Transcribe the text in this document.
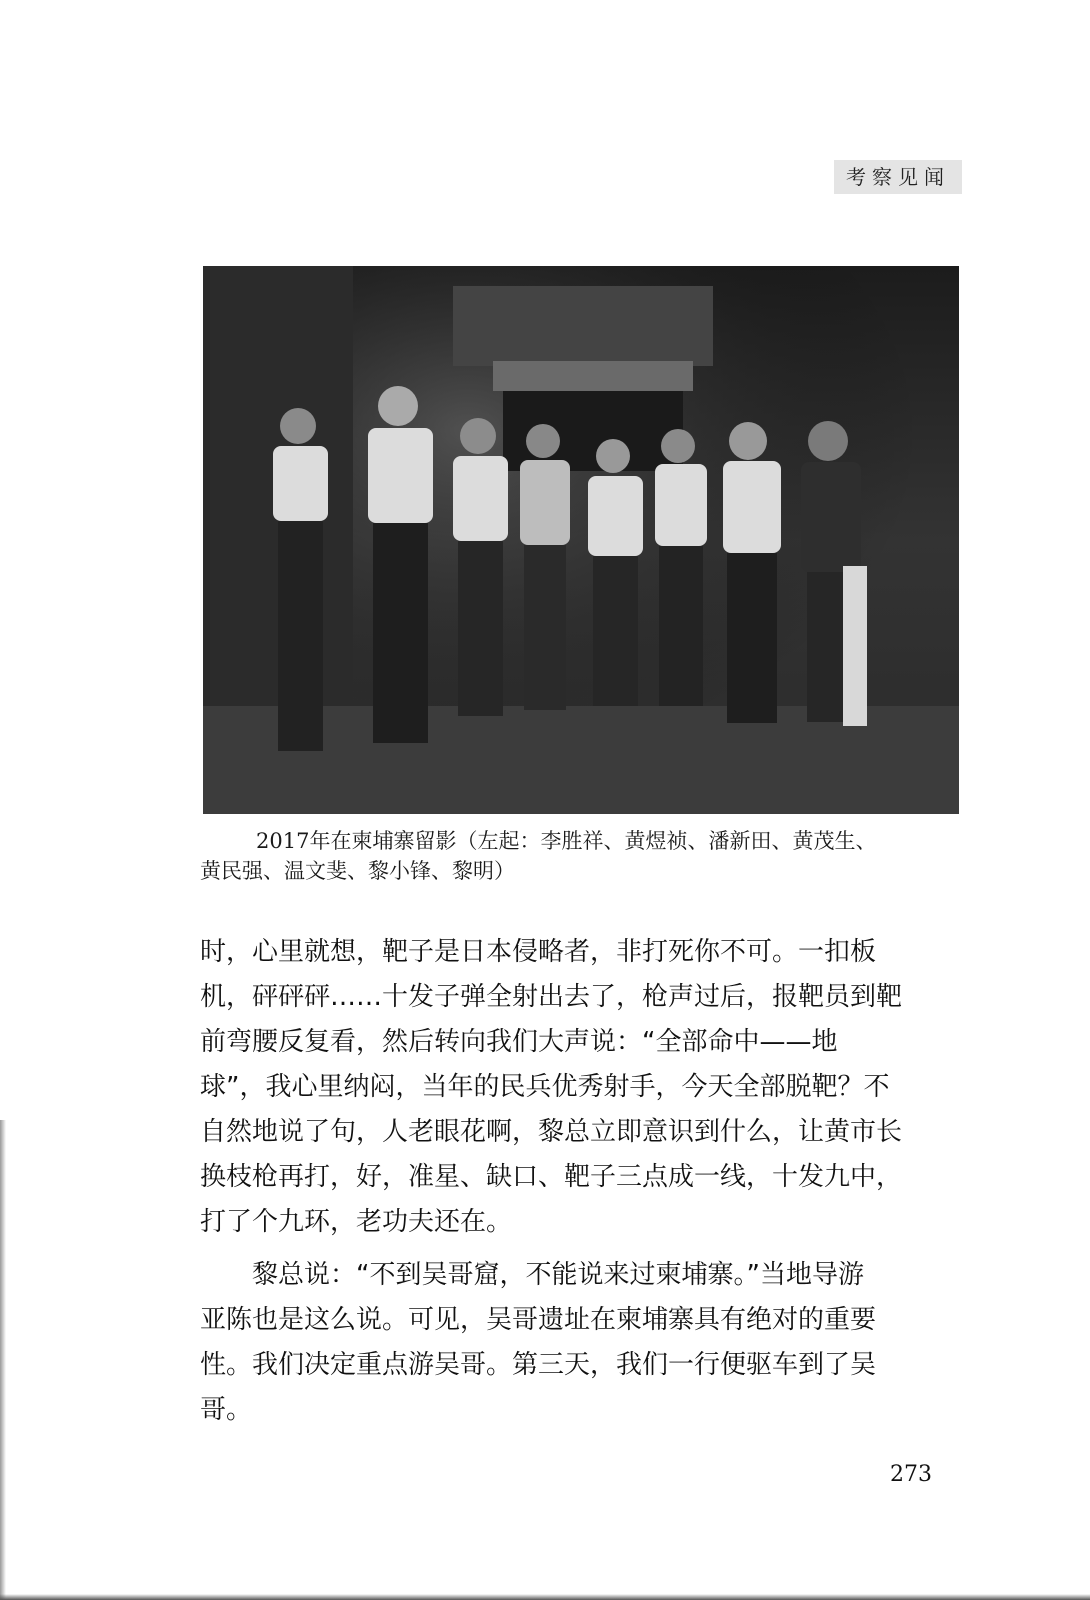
考察见闻
2017年在柬埔寨留影（左起：李胜祥、黄煜祯、潘新田、黄茂生、
黄民强、温文斐、黎小锋、黎明）
时，心里就想，靶子是日本侵略者，非打死你不可。一扣板
机，砰砰砰……十发子弹全射出去了，枪声过后，报靶员到靶
前弯腰反复看，然后转向我们大声说：“全部命中——地
球”，我心里纳闷，当年的民兵优秀射手，今天全部脱靶？不
自然地说了句，人老眼花啊，黎总立即意识到什么，让黄市长
换枝枪再打，好，准星、缺口、靶子三点成一线，十发九中，
打了个九环，老功夫还在。
黎总说：“不到吴哥窟，不能说来过柬埔寨。”当地导游
亚陈也是这么说。可见，吴哥遗址在柬埔寨具有绝对的重要
性。我们决定重点游吴哥。第三天，我们一行便驱车到了吴
哥。
273
